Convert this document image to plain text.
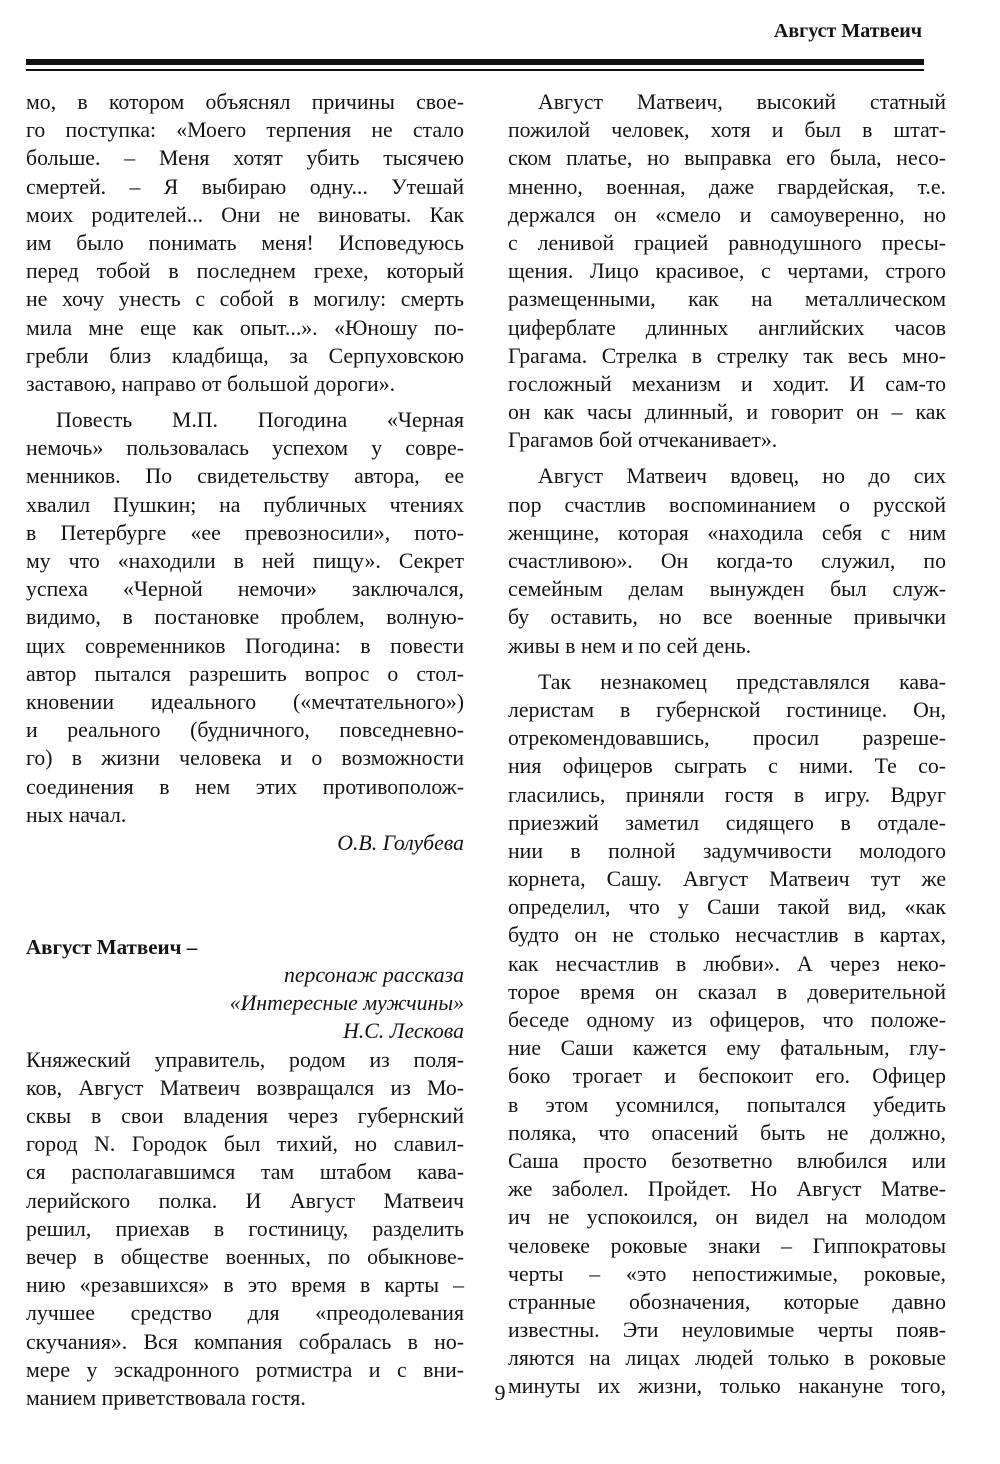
Август Матвеич
мо, в котором объяснял причины свое-
го поступка: «Моего терпения не стало
больше. – Меня хотят убить тысячею
смертей. – Я выбираю одну... Утешай
моих родителей... Они не виноваты. Как
им было понимать меня! Исповедуюсь
перед тобой в последнем грехе, который
не хочу унесть с собой в могилу: смерть
мила мне еще как опыт...». «Юношу по-
гребли близ кладбища, за Серпуховскою
заставою, направо от большой дороги».
Повесть М.П. Погодина «Черная
немочь» пользовалась успехом у совре-
менников. По свидетельству автора, ее
хвалил Пушкин; на публичных чтениях
в Петербурге «ее превозносили», пото-
му что «находили в ней пищу». Секрет
успеха «Черной немочи» заключался,
видимо, в постановке проблем, волную-
щих современников Погодина: в повести
автор пытался разрешить вопрос о стол-
кновении идеального («мечтательного»)
и реального (будничного, повседневно-
го) в жизни человека и о возможности
соединения в нем этих противополож-
ных начал.
О.В. Голубева
Август Матвеич –
персонаж рассказа
«Интересные мужчины»
Н.С. Лескова
Княжеский управитель, родом из поля-
ков, Август Матвеич возвращался из Мо-
сквы в свои владения через губернский
город N. Городок был тихий, но славил-
ся располагавшимся там штабом кава-
лерийского полка. И Август Матвеич
решил, приехав в гостиницу, разделить
вечер в обществе военных, по обыкнове-
нию «резавшихся» в это время в карты –
лучшее средство для «преодолевания
скучания». Вся компания собралась в но-
мере у эскадронного ротмистра и с вни-
манием приветствовала гостя.
Август Матвеич, высокий статный
пожилой человек, хотя и был в штат-
ском платье, но выправка его была, несо-
мненно, военная, даже гвардейская, т.е.
держался он «смело и самоуверенно, но
с ленивой грацией равнодушного пресы-
щения. Лицо красивое, с чертами, строго
размещенными, как на металлическом
циферблате длинных английских часов
Грагама. Стрелка в стрелку так весь мно-
госложный механизм и ходит. И сам-то
он как часы длинный, и говорит он – как
Грагамов бой отчеканивает».
Август Матвеич вдовец, но до сих
пор счастлив воспоминанием о русской
женщине, которая «находила себя с ним
счастливою». Он когда-то служил, по
семейным делам вынужден был служ-
бу оставить, но все военные привычки
живы в нем и по сей день.
Так незнакомец представлялся кава-
леристам в губернской гостинице. Он,
отрекомендовавшись, просил разреше-
ния офицеров сыграть с ними. Те со-
гласились, приняли гостя в игру. Вдруг
приезжий заметил сидящего в отдале-
нии в полной задумчивости молодого
корнета, Сашу. Август Матвеич тут же
определил, что у Саши такой вид, «как
будто он не столько несчастлив в картах,
как несчастлив в любви». А через неко-
торое время он сказал в доверительной
беседе одному из офицеров, что положе-
ние Саши кажется ему фатальным, глу-
боко трогает и беспокоит его. Офицер
в этом усомнился, попытался убедить
поляка, что опасений быть не должно,
Саша просто безответно влюбился или
же заболел. Пройдет. Но Август Матве-
ич не успокоился, он видел на молодом
человеке роковые знаки – Гиппократовы
черты – «это непостижимые, роковые,
странные обозначения, которые давно
известны. Эти неуловимые черты появ-
ляются на лицах людей только в роковые
минуты их жизни, только накануне того,
9
